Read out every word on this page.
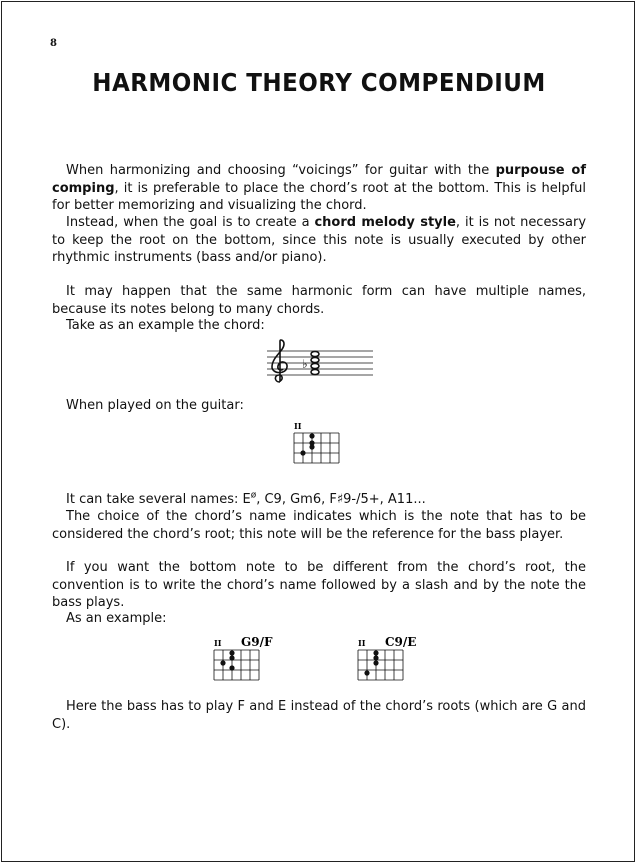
8
HARMONIC THEORY COMPENDIUM

When harmonizing and choosing “voicings” for guitar with the purpouse of comping, it is preferable to place the chord’s root at the bottom. This is helpful for better memorizing and visualizing the chord.

Instead, when the goal is to create a chord melody style, it is not necessary to keep the root on the bottom, since this note is usually executed by other rhythmic instruments (bass and/or piano).

It may happen that the same harmonic form can have multiple names, because its notes belong to many chords.

Take as an example the chord:

♭

When played on the guitar:

II

It can take several names: $E^ø$, C9, Gm6, F♯9-/5+, A11...

The choice of the chord’s name indicates which is the note that has to be considered the chord’s root; this note will be the reference for the bass player.

If you want the bottom note to be different from the chord’s root, the convention is to write the chord’s name followed by a slash and by the note the bass plays.

As an example:

II G9/F	II C9/E

Here the bass has to play F and E instead of the chord’s roots (which are G and C).
